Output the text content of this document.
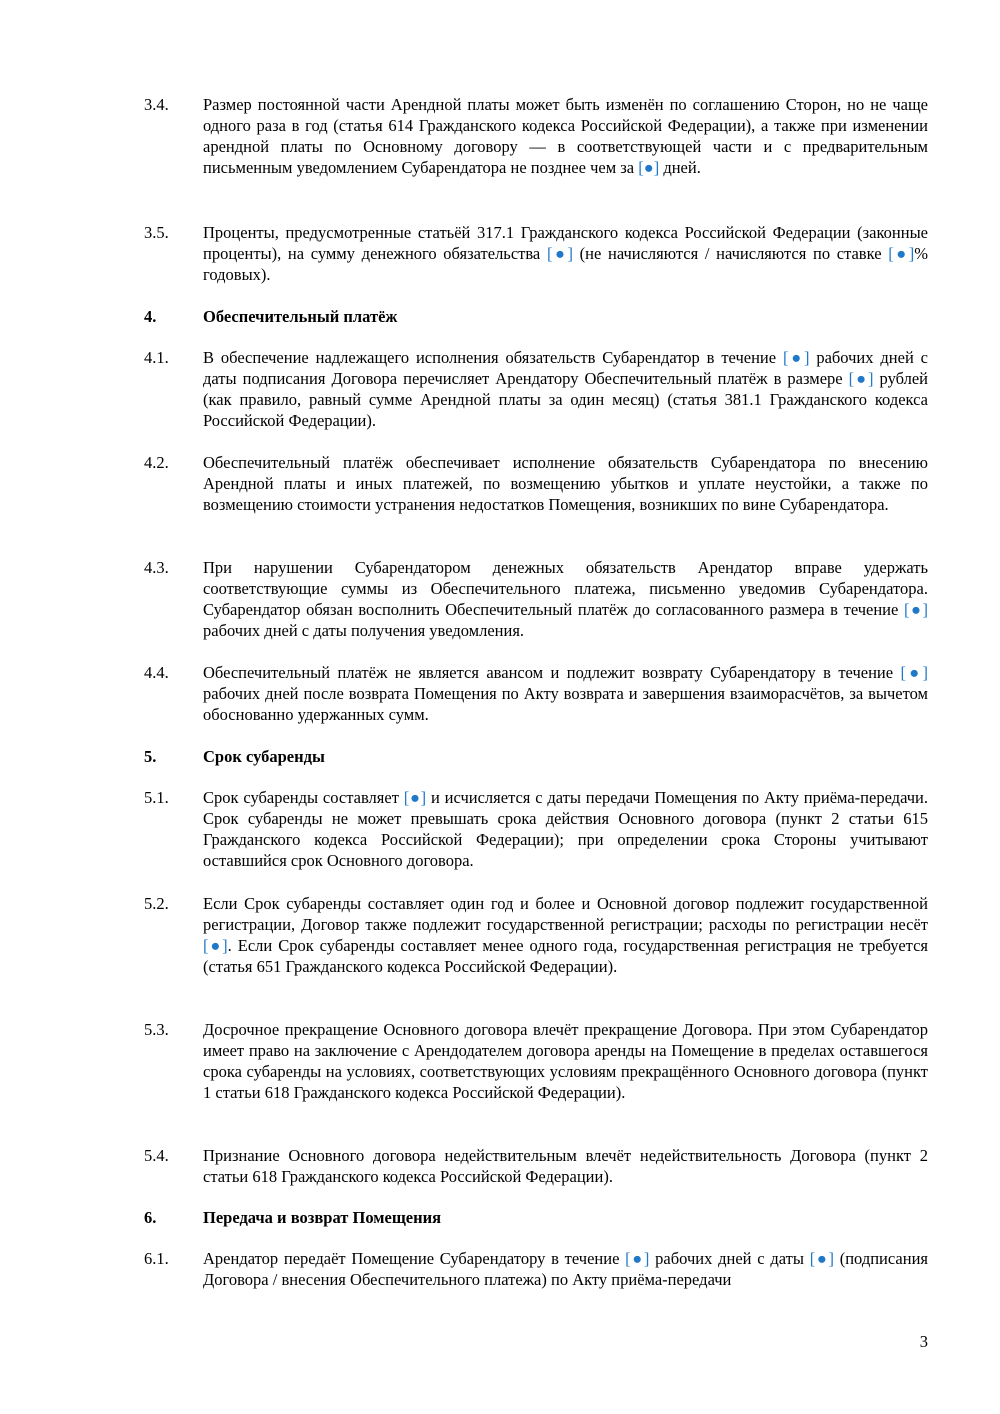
3.4. Размер постоянной части Арендной платы может быть изменён по соглашению Сторон, но не чаще одного раза в год (статья 614 Гражданского кодекса Российской Федерации), а также при изменении арендной платы по Основному договору — в соответствующей части и с предварительным письменным уведомлением Субарендатора не позднее чем за [●] дней.
3.5. Проценты, предусмотренные статьёй 317.1 Гражданского кодекса Российской Федерации (законные проценты), на сумму денежного обязательства [●] (не начисляются / начисляются по ставке [●]% годовых).
4.	Обеспечительный платёж
4.1. В обеспечение надлежащего исполнения обязательств Субарендатор в течение [●] рабочих дней с даты подписания Договора перечисляет Арендатору Обеспечительный платёж в размере [●] рублей (как правило, равный сумме Арендной платы за один месяц) (статья 381.1 Гражданского кодекса Российской Федерации).
4.2. Обеспечительный платёж обеспечивает исполнение обязательств Субарендатора по внесению Арендной платы и иных платежей, по возмещению убытков и уплате неустойки, а также по возмещению стоимости устранения недостатков Помещения, возникших по вине Субарендатора.
4.3. При нарушении Субарендатором денежных обязательств Арендатор вправе удержать соответствующие суммы из Обеспечительного платежа, письменно уведомив Субарендатора. Субарендатор обязан восполнить Обеспечительный платёж до согласованного размера в течение [●] рабочих дней с даты получения уведомления.
4.4. Обеспечительный платёж не является авансом и подлежит возврату Субарендатору в течение [●] рабочих дней после возврата Помещения по Акту возврата и завершения взаиморасчётов, за вычетом обоснованно удержанных сумм.
5.	Срок субаренды
5.1. Срок субаренды составляет [●] и исчисляется с даты передачи Помещения по Акту приёма-передачи. Срок субаренды не может превышать срока действия Основного договора (пункт 2 статьи 615 Гражданского кодекса Российской Федерации); при определении срока Стороны учитывают оставшийся срок Основного договора.
5.2. Если Срок субаренды составляет один год и более и Основной договор подлежит государственной регистрации, Договор также подлежит государственной регистрации; расходы по регистрации несёт [●]. Если Срок субаренды составляет менее одного года, государственная регистрация не требуется (статья 651 Гражданского кодекса Российской Федерации).
5.3. Досрочное прекращение Основного договора влечёт прекращение Договора. При этом Субарендатор имеет право на заключение с Арендодателем договора аренды на Помещение в пределах оставшегося срока субаренды на условиях, соответствующих условиям прекращённого Основного договора (пункт 1 статьи 618 Гражданского кодекса Российской Федерации).
5.4. Признание Основного договора недействительным влечёт недействительность Договора (пункт 2 статьи 618 Гражданского кодекса Российской Федерации).
6.	Передача и возврат Помещения
6.1. Арендатор передаёт Помещение Субарендатору в течение [●] рабочих дней с даты [●] (подписания Договора / внесения Обеспечительного платежа) по Акту приёма-передачи
3
